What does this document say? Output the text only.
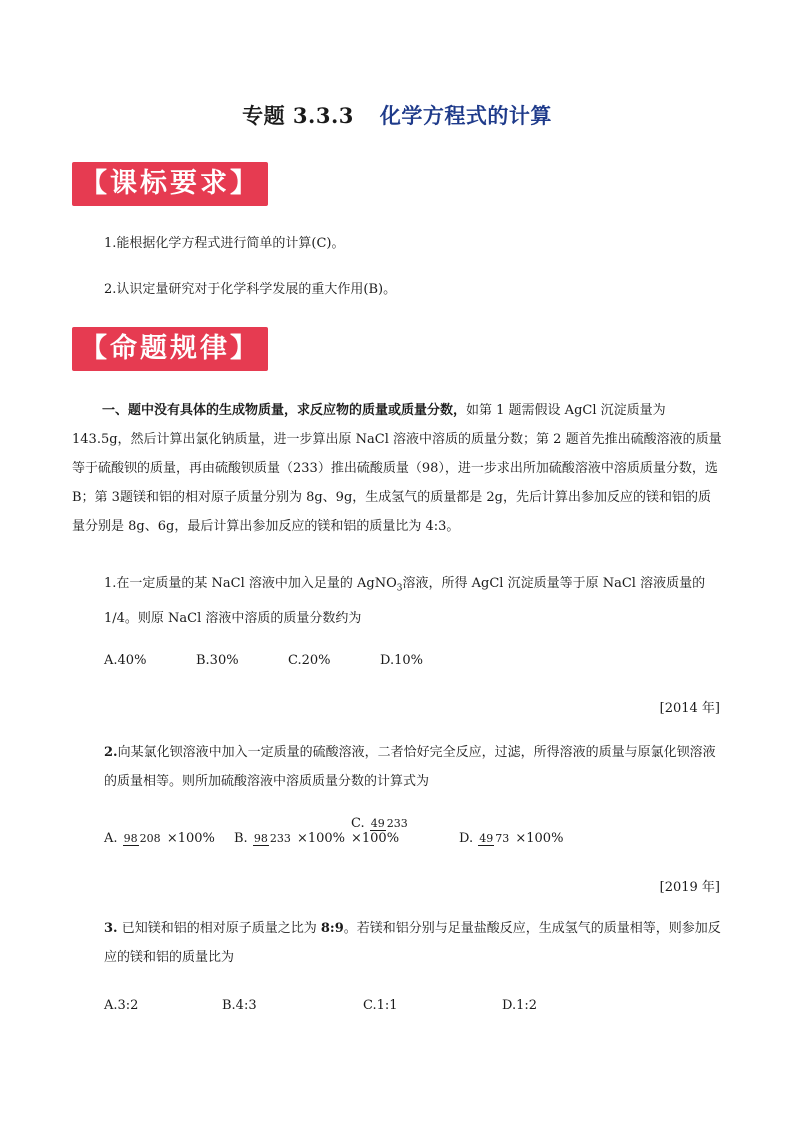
专题 3.3.3 化学方程式的计算
【课标要求】
1.能根据化学方程式进行简单的计算(C)。
2.认识定量研究对于化学科学发展的重大作用(B)。
【命题规律】
一、题中没有具体的生成物质量，求反应物的质量或质量分数，如第 1 题需假设 AgCl 沉淀质量为 143.5g，然后计算出氯化钠质量，进一步算出原 NaCl 溶液中溶质的质量分数；第 2 题首先推出硫酸溶液的质量等于硫酸钡的质量，再由硫酸钡质量（233）推出硫酸质量（98），进一步求出所加硫酸溶液中溶质质量分数，选 B；第 3题镁和铝的相对原子质量分别为 8g、9g，生成氢气的质量都是 2g，先后计算出参加反应的镁和铝的质量分别是 8g、6g，最后计算出参加反应的镁和铝的质量比为 4:3。
1.在一定质量的某 NaCl 溶液中加入足量的 AgNO$_3$溶液，所得 AgCl 沉淀质量等于原 NaCl 溶液质量的 1/4。则原 NaCl 溶液中溶质的质量分数约为
A.40%	B.30%	C.20%	D.10%
[2014 年]
2.向某氯化钡溶液中加入一定质量的硫酸溶液，二者恰好完全反应，过滤，所得溶液的质量与原氯化钡溶液的质量相等。则所加硫酸溶液中溶质质量分数的计算式为
A. 98 208 ×100% B. 98 233 ×100%C. 49 233 ×100%	D. 49 73 ×100%
[2019 年]
3. 已知镁和铝的相对原子质量之比为 8:9。若镁和铝分别与足量盐酸反应，生成氢气的质量相等，则参加反应的镁和铝的质量比为
A.3:2	B.4:3	C.1:1	D.1:2
